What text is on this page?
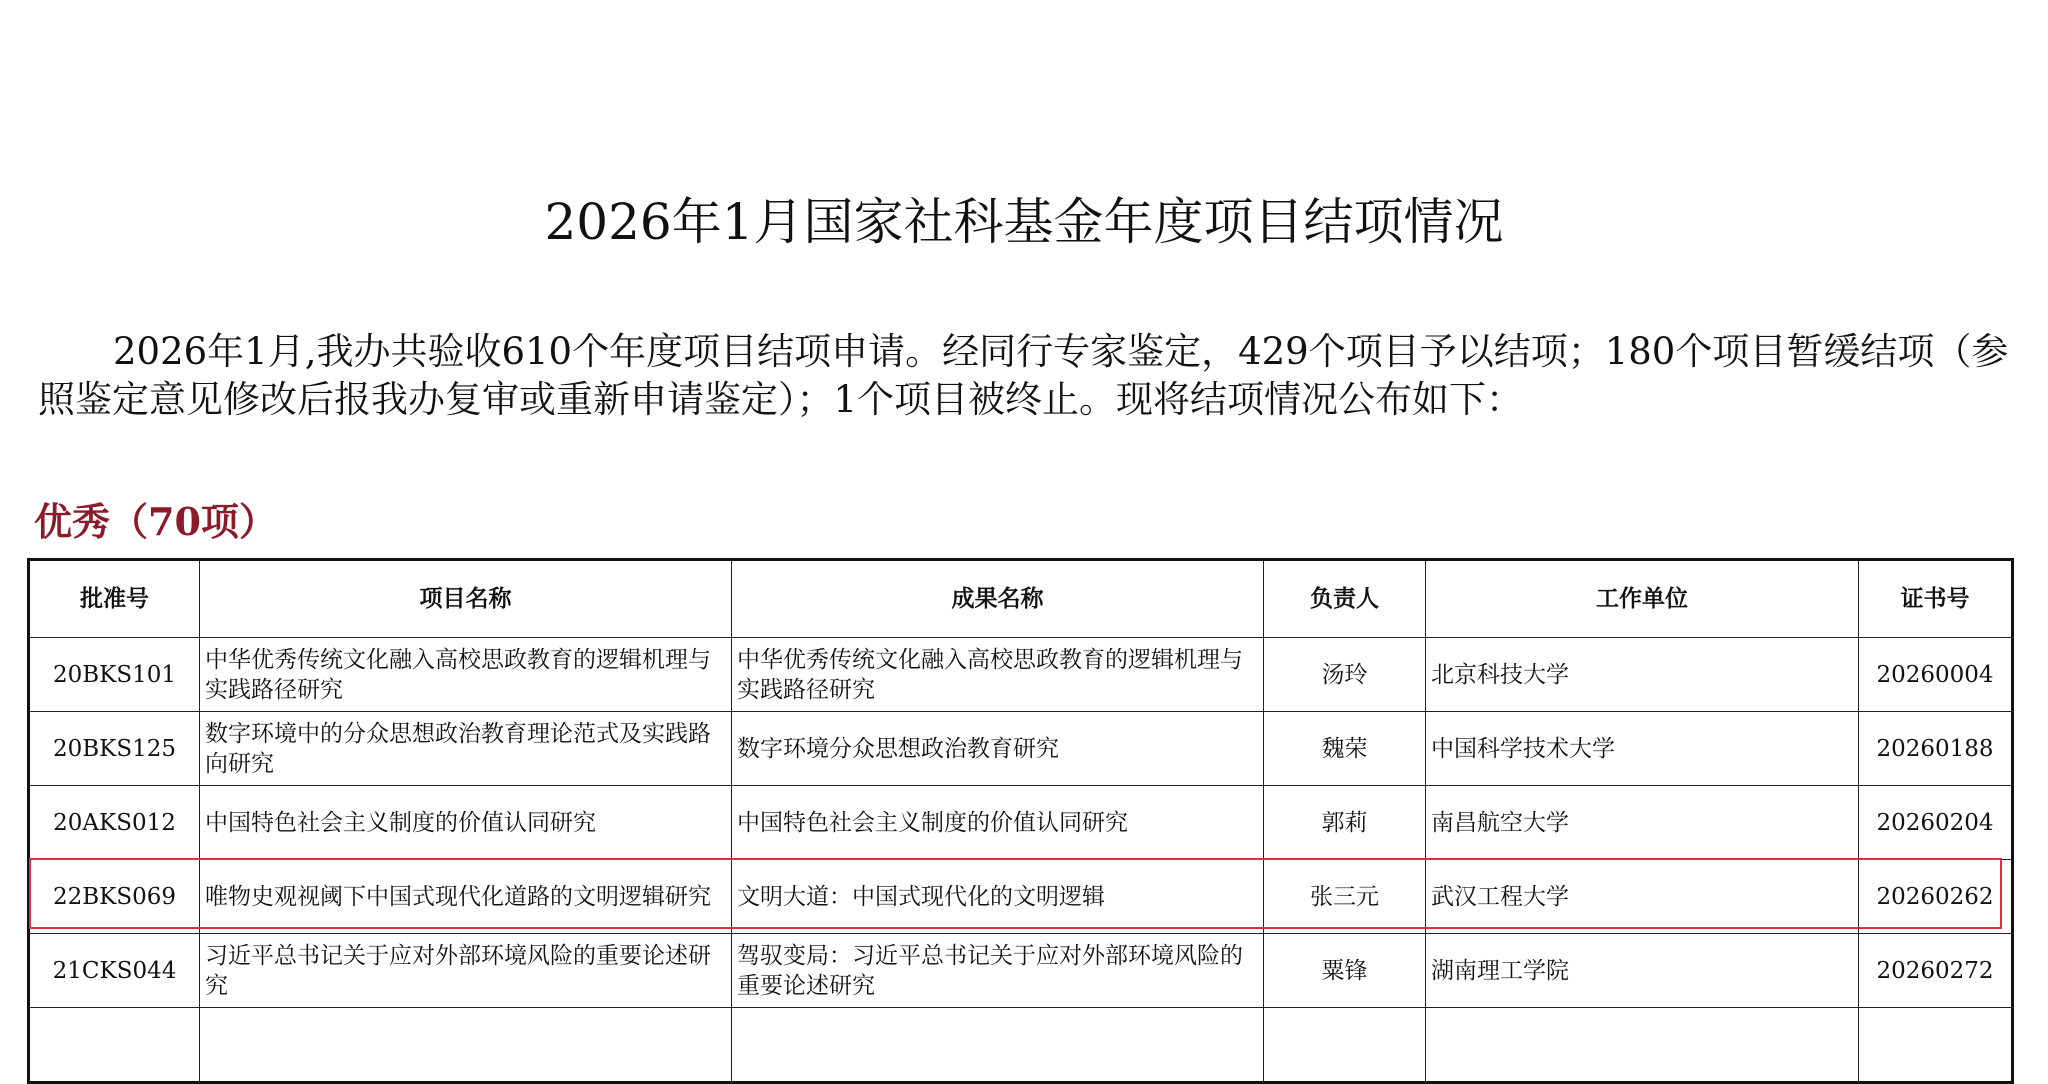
2026年1月国家社科基金年度项目结项情况

2026年1月,我办共验收610个年度项目结项申请。经同行专家鉴定，429个项目予以结项；180个项目暂缓结项（参照鉴定意见修改后报我办复审或重新申请鉴定）；1个项目被终止。现将结项情况公布如下：

优秀（70项）
批准号	项目名称	成果名称	负责人	工作单位	证书号
20BKS101	中华优秀传统文化融入高校思政教育的逻辑机理与实践路径研究	中华优秀传统文化融入高校思政教育的逻辑机理与实践路径研究	汤玲	北京科技大学	20260004
20BKS125	数字环境中的分众思想政治教育理论范式及实践路向研究	数字环境分众思想政治教育研究	魏荣	中国科学技术大学	20260188
20AKS012	中国特色社会主义制度的价值认同研究	中国特色社会主义制度的价值认同研究	郭莉	南昌航空大学	20260204
22BKS069	唯物史观视阈下中国式现代化道路的文明逻辑研究	文明大道：中国式现代化的文明逻辑	张三元	武汉工程大学	20260262
21CKS044	习近平总书记关于应对外部环境风险的重要论述研究	驾驭变局：习近平总书记关于应对外部环境风险的重要论述研究	粟锋	湖南理工学院	20260272
